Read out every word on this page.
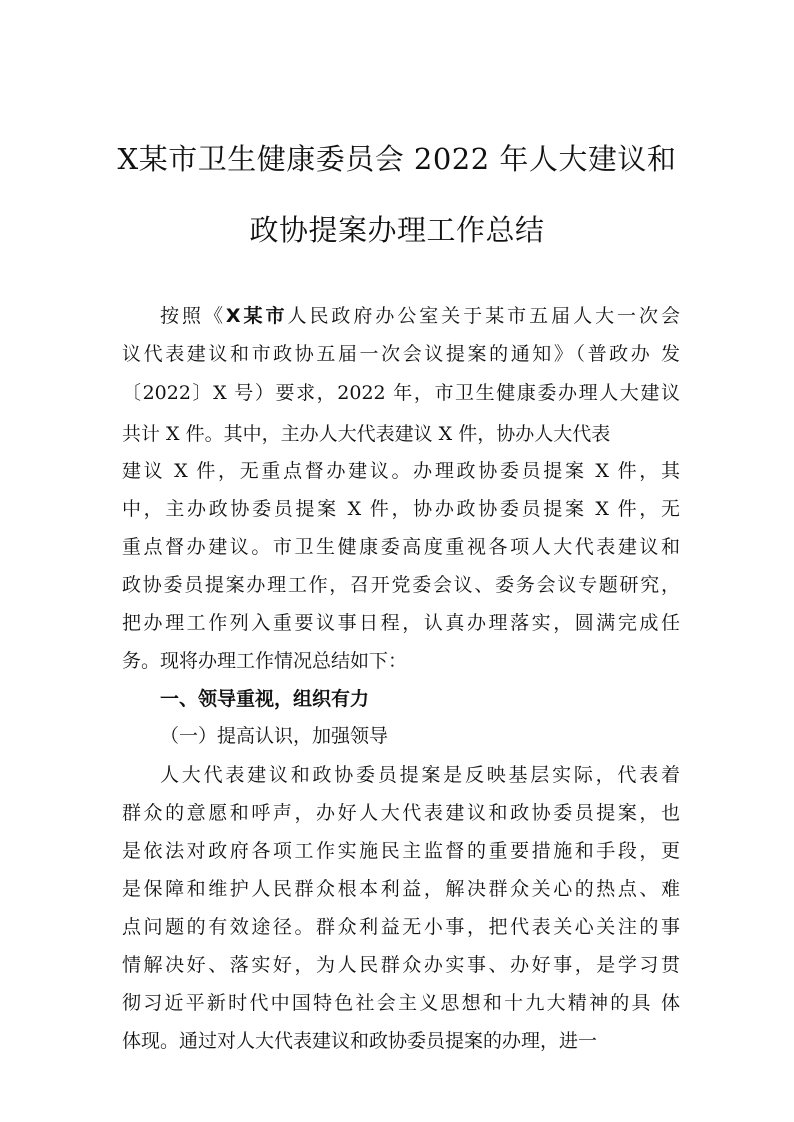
X某市卫生健康委员会 2022 年人大建议和
政协提案办理工作总结
按照《X某市人民政府办公室关于某市五届人大一次会
议代表建议和市政协五届一次会议提案的通知》（普政办 发
〔2022〕X 号）要求，2022 年，市卫生健康委办理人大建议
共计 X 件。其中，主办人大代表建议 X 件，协办人大代表
建议 X 件，无重点督办建议。办理政协委员提案 X 件，其
中，主办政协委员提案 X 件，协办政协委员提案 X 件，无
重点督办建议。市卫生健康委高度重视各项人大代表建议和
政协委员提案办理工作，召开党委会议、委务会议专题研究，
把办理工作列入重要议事日程，认真办理落实，圆满完成任
务。现将办理工作情况总结如下：
一、领导重视，组织有力
（一）提高认识，加强领导
人大代表建议和政协委员提案是反映基层实际，代表着
群众的意愿和呼声，办好人大代表建议和政协委员提案，也
是依法对政府各项工作实施民主监督的重要措施和手段，更
是保障和维护人民群众根本利益，解决群众关心的热点、难
点问题的有效途径。群众利益无小事，把代表关心关注的事
情解决好、落实好，为人民群众办实事、办好事，是学习贯
彻习近平新时代中国特色社会主义思想和十九大精神的具 体
体现。通过对人大代表建议和政协委员提案的办理，进一
